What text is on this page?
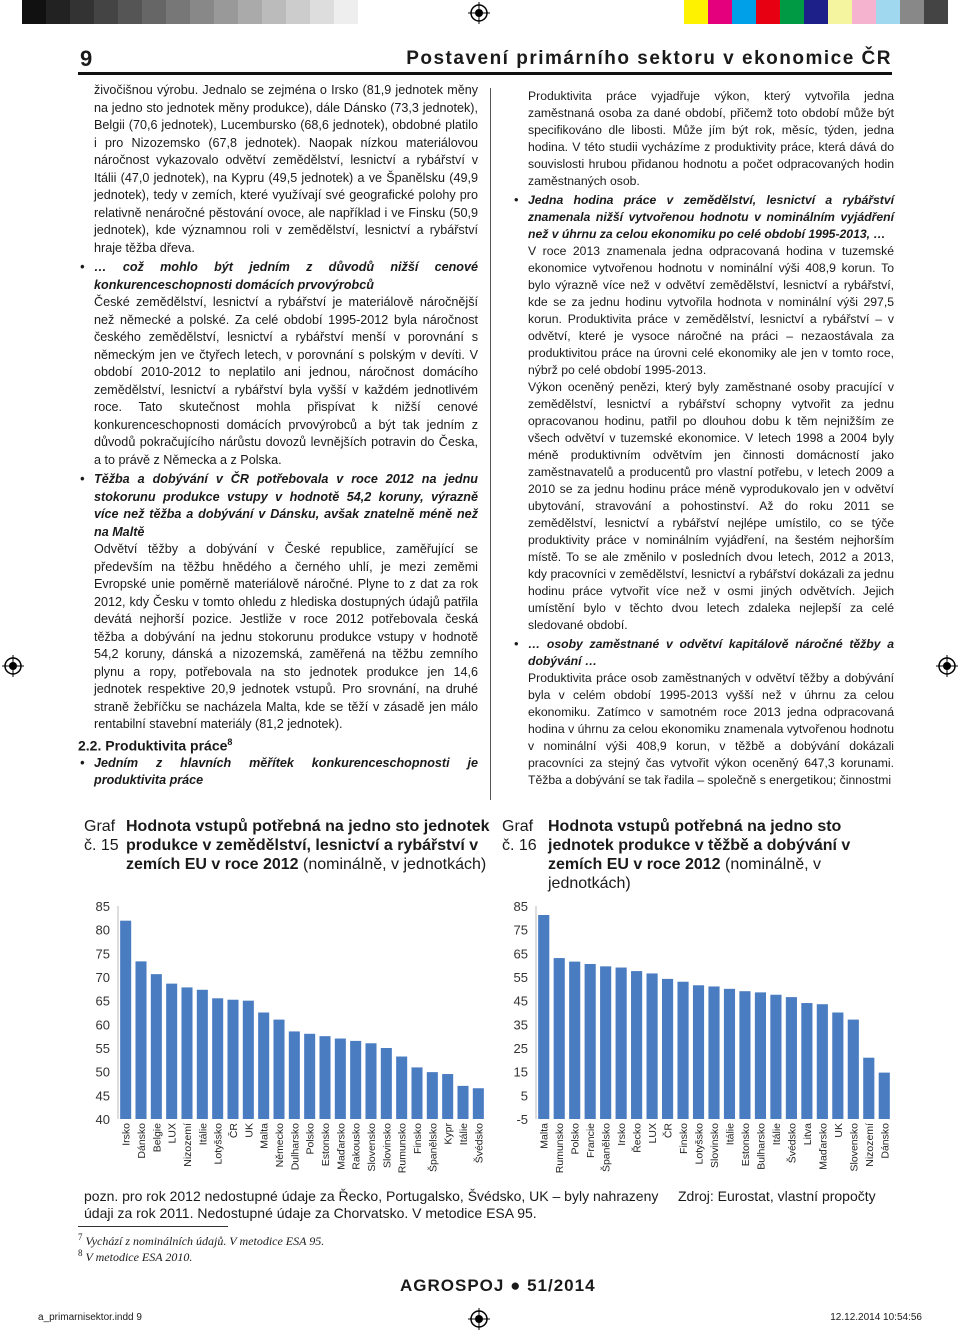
9	Postavení primárního sektoru v ekonomice ČR

živočišnou výrobu. Jednalo se zejména o Irsko (81,9 jednotek měny na jedno sto jednotek měny produkce), dále Dánsko (73,3 jednotek), Belgii (70,6 jednotek), Lucembursko (68,6 jednotek), obdobné platilo i pro Nizozemsko (67,8 jednotek). Naopak nízkou materiálovou náročnost vykazovalo odvětví zemědělství, lesnictví a rybářství v Itálii (47,0 jednotek), na Kypru (49,5 jednotek) a ve Španělsku (49,9 jednotek), tedy v zemích, které využívají své geografické polohy pro relativně nenáročné pěstování ovoce, ale například i ve Finsku (50,9 jednotek), kde významnou roli v zemědělství, lesnictví a rybářství hraje těžba dřeva.

• … což mohlo být jedním z důvodů nižší cenové konkurenceschopnosti domácích prvovýrobců

České zemědělství, lesnictví a rybářství je materiálově náročnější než německé a polské. Za celé období 1995-2012 byla náročnost českého zemědělství, lesnictví a rybářství menší v porovnání s německým jen ve čtyřech letech, v porovnání s polským v devíti. V období 2010-2012 to neplatilo ani jednou, náročnost domácího zemědělství, lesnictví a rybářství byla vyšší v každém jednotlivém roce. Tato skutečnost mohla přispívat k nižší cenové konkurenceschopnosti domácích prvovýrobců a být tak jedním z důvodů pokračujícího nárůstu dovozů levnějších potravin do Česka, a to právě z Německa a z Polska.

• Těžba a dobývání v ČR potřebovala v roce 2012 na jednu stokorunu produkce vstupy v hodnotě 54,2 koruny, výrazně více než těžba a dobývání v Dánsku, avšak znatelně méně než na Maltě

Odvětví těžby a dobývání v České republice, zaměřující se především na těžbu hnědého a černého uhlí, je mezi zeměmi Evropské unie poměrně materiálově náročné. Plyne to z dat za rok 2012, kdy Česku v tomto ohledu z hlediska dostupných údajů patřila devátá nejhorší pozice. Jestliže v roce 2012 potřebovala česká těžba a dobývání na jednu stokorunu produkce vstupy v hodnotě 54,2 koruny, dánská a nizozemská, zaměřená na těžbu zemního plynu a ropy, potřebovala na sto jednotek produkce jen 14,6 jednotek respektive 20,9 jednotek vstupů. Pro srovnání, na druhé straně žebříčku se nacházela Malta, kde se těží v zásadě jen málo rentabilní stavební materiály (81,2 jednotek).

2.2. Produktivita práce$^8$

• Jedním z hlavních měřítek konkurenceschopnosti je produktivita práce

Produktivita práce vyjadřuje výkon, který vytvořila jedna zaměstnaná osoba za dané období, přičemž toto období může být specifikováno dle libosti. Může jím být rok, měsíc, týden, jedna hodina. V této studii vycházíme z produktivity práce, která dává do souvislosti hrubou přidanou hodnotu a počet odpracovaných hodin zaměstnaných osob.

• Jedna hodina práce v zemědělství, lesnictví a rybářství znamenala nižší vytvořenou hodnotu v nominálním vyjádření než v úhrnu za celou ekonomiku po celé období 1995-2013, …

V roce 2013 znamenala jedna odpracovaná hodina v tuzemské ekonomice vytvořenou hodnotu v nominální výši 408,9 korun. To bylo výrazně více než v odvětví zemědělství, lesnictví a rybářství, kde se za jednu hodinu vytvořila hodnota v nominální výši 297,5 korun. Produktivita práce v zemědělství, lesnictví a rybářství – v odvětví, které je vysoce náročné na práci – nezaostávala za produktivitou práce na úrovni celé ekonomiky ale jen v tomto roce, nýbrž po celé období 1995-2013.

Výkon oceněný penězi, který byly zaměstnané osoby pracující v zemědělství, lesnictví a rybářství schopny vytvořit za jednu opracovanou hodinu, patřil po dlouhou dobu k těm nejnižším ze všech odvětví v tuzemské ekonomice. V letech 1998 a 2004 byly méně produktivním odvětvím jen činnosti domácností jako zaměstnavatelů a producentů pro vlastní potřebu, v letech 2009 a 2010 se za jednu hodinu práce méně vyprodukovalo jen v odvětví ubytování, stravování a pohostinství. Až do roku 2011 se zemědělství, lesnictví a rybářství nejlépe umístilo, co se týče produktivity práce v nominálním vyjádření, na šestém nejhorším místě. To se ale změnilo v posledních dvou letech, 2012 a 2013, kdy pracovníci v zemědělství, lesnictví a rybářství dokázali za jednu hodinu práce vytvořit více než v osmi jiných odvětvích. Jejich umístění bylo v těchto dvou letech zdaleka nejlepší za celé sledované období.

• … osoby zaměstnané v odvětví kapitálově náročné těžby a dobývání …

Produktivita práce osob zaměstnaných v odvětví těžby a dobývání byla v celém období 1995-2013 vyšší než v úhrnu za celou ekonomiku. Zatímco v samotném roce 2013 jedna odpracovaná hodina v úhrnu za celou ekonomiku znamenala vytvořenou hodnotu v nominální výši 408,9 korun, v těžbě a dobývání dokázali pracovníci za stejný čas vytvořit výkon oceněný 647,3 korunami. Těžba a dobývání se tak řadila – společně s energetikou; činnostmi

Graf č. 15
Hodnota vstupů potřebná na jedno sto jednotek produkce v zemědělství, lesnictví a rybářství v zemích EU v roce 2012 (nominálně, v jednotkách)
Graf č. 16
Hodnota vstupů potřebná na jedno sto jednotek produkce v těžbě a dobývání v zemích EU v roce 2012 (nominálně, v jednotkách)
85
80
75
70
65
60
55
50
45
40
Irsko Dánsko Belgie LUX Nizozemí Itálie Lotyšsko ČR UK Malta Německo Dulharsko Polsko Estonsko Maďarsko Rakousko Slovensko Slovinsko Rumunsko Finsko Španělsko Kypr Itálie Švédsko
85
75
65
55
45
35
25
15
5
-5
Malta Rumunsko Polsko Francie Španělsko Irsko Řecko LUX ČR Finsko Lotyšsko Slovinsko Itálie Estonsko Bulharsko Itálie Švédsko Litva Maďarsko UK Slovensko Nizozemí Dánsko
pozn. pro rok 2012 nedostupné údaje za Řecko, Portugalsko, Švédsko, UK – byly nahrazeny údaji za rok 2011. Nedostupné údaje za Chorvatsko. V metodice ESA 95.
Zdroj: Eurostat, vlastní propočty
$^7$ Vychází z nominálních údajů. V metodice ESA 95.
$^8$ V metodice ESA 2010.
AGROSPOJ ● 51/2014
a_primarnisektor.indd 9	12.12.2014 10:54:56
